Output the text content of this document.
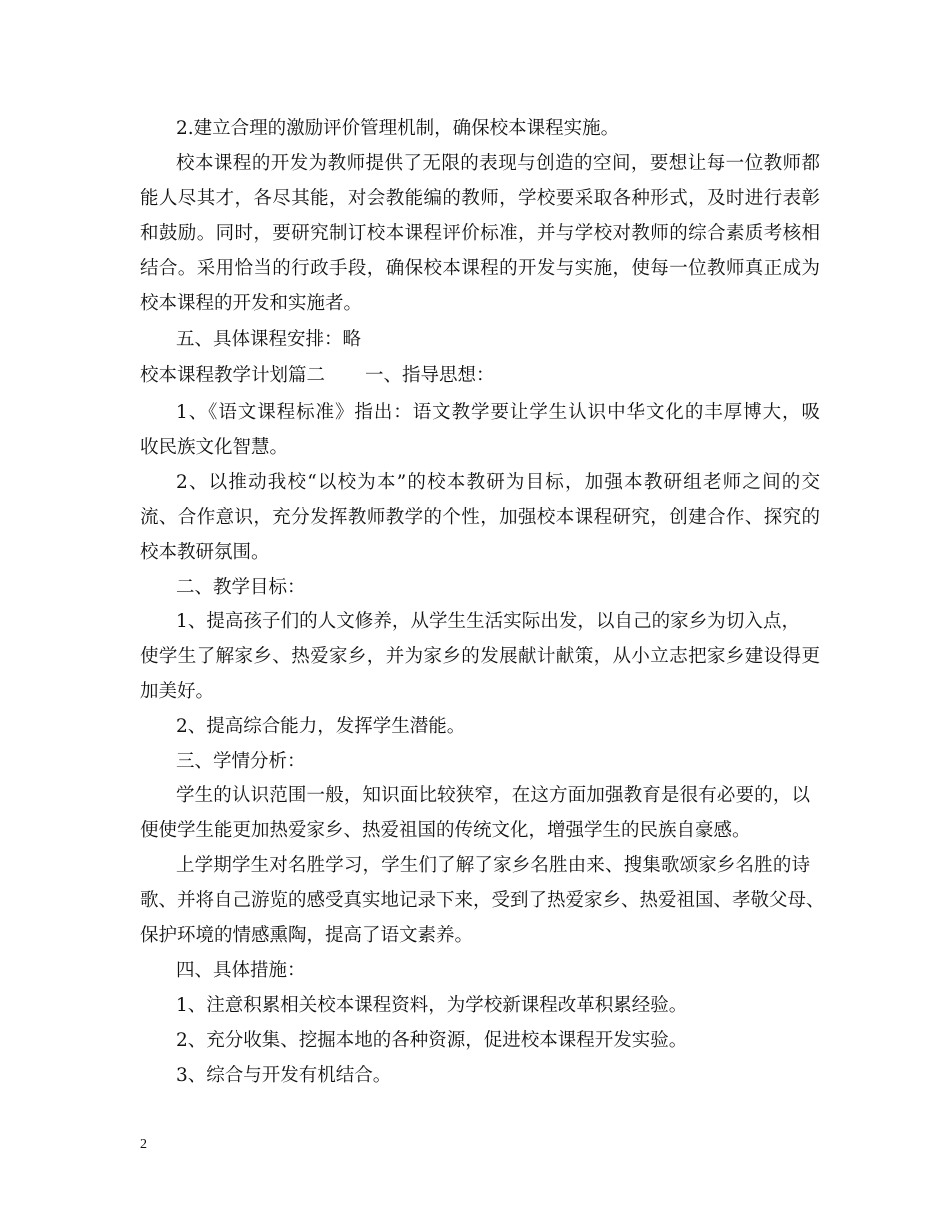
2.建立合理的激励评价管理机制，确保校本课程实施。
校本课程的开发为教师提供了无限的表现与创造的空间，要想让每一位教师都
能人尽其才，各尽其能，对会教能编的教师，学校要采取各种形式，及时进行表彰
和鼓励。同时，要研究制订校本课程评价标准，并与学校对教师的综合素质考核相
结合。采用恰当的行政手段，确保校本课程的开发与实施，使每一位教师真正成为
校本课程的开发和实施者。
五、具体课程安排：略
校本课程教学计划篇二 一、指导思想：
1、《语文课程标准》指出：语文教学要让学生认识中华文化的丰厚博大，吸
收民族文化智慧。
2、以推动我校“以校为本”的校本教研为目标，加强本教研组老师之间的交
流、合作意识，充分发挥教师教学的个性，加强校本课程研究，创建合作、探究的
校本教研氛围。
二、教学目标：
1、提高孩子们的人文修养，从学生生活实际出发，以自己的家乡为切入点，
使学生了解家乡、热爱家乡，并为家乡的发展献计献策，从小立志把家乡建设得更
加美好。
2、提高综合能力，发挥学生潜能。
三、学情分析：
学生的认识范围一般，知识面比较狭窄，在这方面加强教育是很有必要的，以
便使学生能更加热爱家乡、热爱祖国的传统文化，增强学生的民族自豪感。
上学期学生对名胜学习，学生们了解了家乡名胜由来、搜集歌颂家乡名胜的诗
歌、并将自己游览的感受真实地记录下来，受到了热爱家乡、热爱祖国、孝敬父母、
保护环境的情感熏陶，提高了语文素养。
四、具体措施：
1、注意积累相关校本课程资料，为学校新课程改革积累经验。
2、充分收集、挖掘本地的各种资源，促进校本课程开发实验。
3、综合与开发有机结合。
2
